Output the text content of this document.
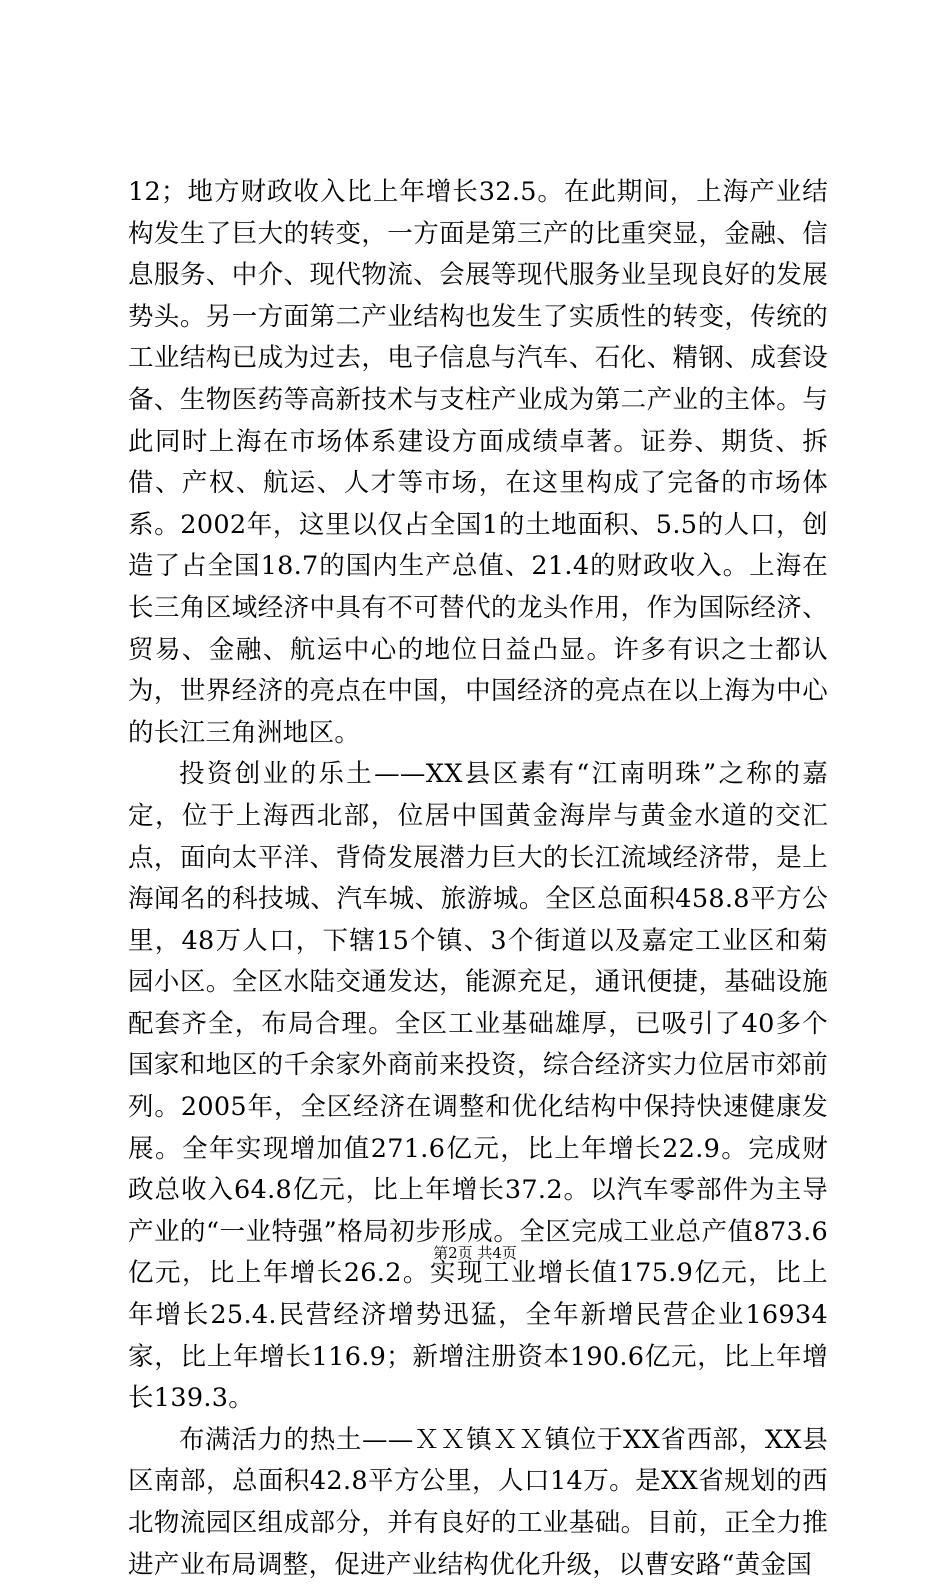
12；地方财政收入比上年增长32.5。在此期间，上海产业结构发生了巨大的转变，一方面是第三产的比重突显，金融、信息服务、中介、现代物流、会展等现代服务业呈现良好的发展势头。另一方面第二产业结构也发生了实质性的转变，传统的工业结构已成为过去，电子信息与汽车、石化、精钢、成套设备、生物医药等高新技术与支柱产业成为第二产业的主体。与此同时上海在市场体系建设方面成绩卓著。证券、期货、拆借、产权、航运、人才等市场，在这里构成了完备的市场体系。2002年，这里以仅占全国1的土地面积、5.5的人口，创造了占全国18.7的国内生产总值、21.4的财政收入。上海在长三角区域经济中具有不可替代的龙头作用，作为国际经济、贸易、金融、航运中心的地位日益凸显。许多有识之士都认为，世界经济的亮点在中国，中国经济的亮点在以上海为中心的长江三角洲地区。

投资创业的乐土——XX县区素有“江南明珠”之称的嘉定，位于上海西北部，位居中国黄金海岸与黄金水道的交汇点，面向太平洋、背倚发展潜力巨大的长江流域经济带，是上海闻名的科技城、汽车城、旅游城。全区总面积458.8平方公里，48万人口，下辖15个镇、3个街道以及嘉定工业区和菊园小区。全区水陆交通发达，能源充足，通讯便捷，基础设施配套齐全，布局合理。全区工业基础雄厚，已吸引了40多个国家和地区的千余家外商前来投资，综合经济实力位居市郊前列。2005年，全区经济在调整和优化结构中保持快速健康发展。全年实现增加值271.6亿元，比上年增长22.9。完成财政总收入64.8亿元，比上年增长37.2。以汽车零部件为主导产业的“一业特强”格局初步形成。全区完成工业总产值873.6亿元，比上年增长26.2。实现工业增长值175.9亿元，比上年增长25.4.民营经济增势迅猛，全年新增民营企业16934家，比上年增长116.9；新增注册资本190.6亿元，比上年增长139.3。

布满活力的热土——ＸＸ镇ＸＸ镇位于XX省西部，XX县区南部，总面积42.8平方公里，人口14万。是XX省规划的西北物流园区组成部分，并有良好的工业基础。目前，正全力推进产业布局调整，促进产业结构优化升级，以曹安路“黄金国

第2页 共4页
